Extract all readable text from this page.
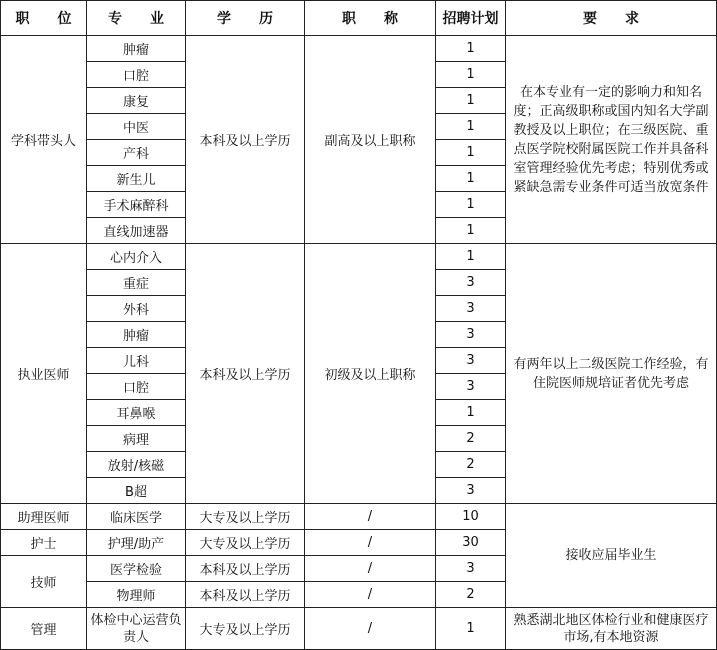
职　　位	专　　业	学　　历	职　　称	招聘计划	要　　求
学科带头人	肿瘤	本科及以上学历	副高及以上职称	1	在本专业有一定的影响力和知名度；正高级职称或国内知名大学副教授及以上职位；在三级医院、重点医学院校附属医院工作并具备科室管理经验优先考虑；特别优秀或紧缺急需专业条件可适当放宽条件
	口腔			1	
	康复			1	
	中医			1	
	产科			1	
	新生儿			1	
	手术麻醉科			1	
	直线加速器			1	
执业医师	心内介入	本科及以上学历	初级及以上职称	1	有两年以上二级医院工作经验，有住院医师规培证者优先考虑
	重症			3	
	外科			3	
	肿瘤			3	
	儿科			3	
	口腔			3	
	耳鼻喉			1	
	病理			2	
	放射/核磁			2	
	B超			3	
助理医师	临床医学	大专及以上学历	/	10	接收应届毕业生
护士	护理/助产	大专及以上学历	/	30	
技师	医学检验	本科及以上学历	/	3	
	物理师	本科及以上学历	/	2	
管理	体检中心运营负责人	大专及以上学历	/	1	熟悉湖北地区体检行业和健康医疗市场,有本地资源
